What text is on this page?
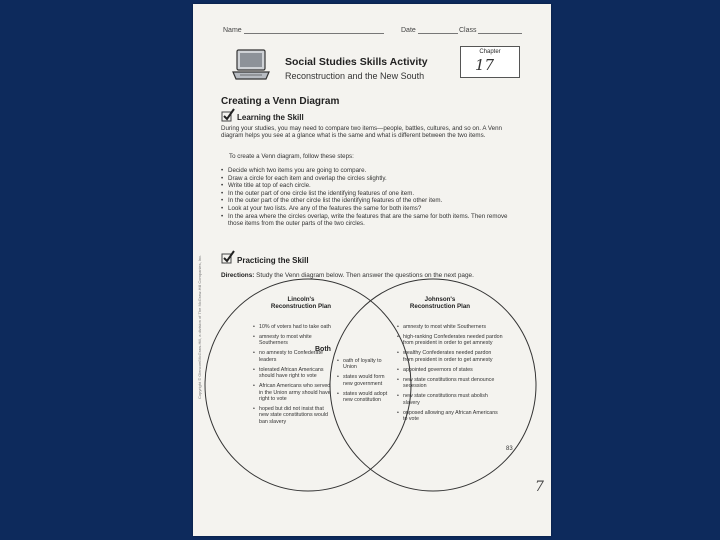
Name	Date	Class
Social Studies Skills Activity
Reconstruction and the New South
Chapter
17
Creating a Venn Diagram
Learning the Skill
During your studies, you may need to compare two items—people, battles, cultures, and so on. A Venn diagram helps you see at a glance what is the same and what is different between the two items.
To create a Venn diagram, follow these steps:
• Decide which two items you are going to compare.
• Draw a circle for each item and overlap the circles slightly.
• Write title at top of each circle.
• In the outer part of one circle list the identifying features of one item.
• In the outer part of the other circle list the identifying features of the other item.
• Look at your two lists. Are any of the features the same for both items?
• In the area where the circles overlap, write the features that are the same for both items. Then remove those items from the outer parts of the two circles.
Practicing the Skill
Directions: Study the Venn diagram below. Then answer the questions on the next page.
Copyright © Glencoe/McGraw-Hill, a division of The McGraw-Hill Companies, Inc.	Lincoln's
Reconstruction Plan
Johnson's
Reconstruction Plan
• 10% of voters had to take oath
• amnesty to most white Southerners
• no amnesty to Confederate leaders
• tolerated African Americans should have right to vote
• African Americans who served in the Union army should have right to vote
• hoped but did not insist that new state constitutions would ban slavery
Both
• oath of loyalty to Union
• states would form new government
• states would adopt new constitution
• amnesty to most white Southerners
• high-ranking Confederates needed pardon from president in order to get amnesty
• wealthy Confederates needed pardon from president in order to get amnesty
• appointed governors of states
• new state constitutions must denounce secession
• new state constitutions must abolish slavery
• opposed allowing any African Americans to vote
83
7
